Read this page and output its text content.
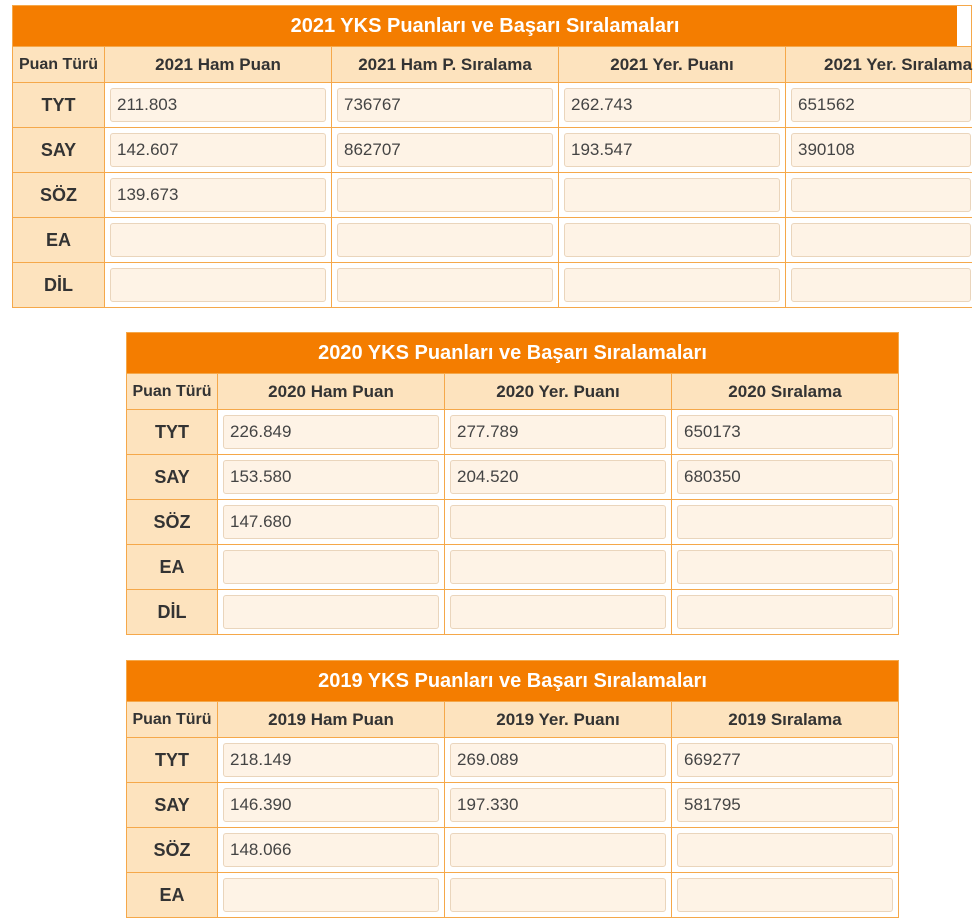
2021 YKS Puanları ve Başarı Sıralamaları
Puan Türü	2021 Ham Puan	2021 Ham P. Sıralama	2021 Yer. Puanı	2021 Yer. Sıralama
TYT	211.803	736767	262.743	651562
SAY	142.607	862707	193.547	390108
SÖZ	139.673
EA
DİL
2020 YKS Puanları ve Başarı Sıralamaları
Puan Türü	2020 Ham Puan	2020 Yer. Puanı	2020 Sıralama
TYT	226.849	277.789	650173
SAY	153.580	204.520	680350
SÖZ	147.680
EA
DİL
2019 YKS Puanları ve Başarı Sıralamaları
Puan Türü	2019 Ham Puan	2019 Yer. Puanı	2019 Sıralama
TYT	218.149	269.089	669277
SAY	146.390	197.330	581795
SÖZ	148.066
EA
